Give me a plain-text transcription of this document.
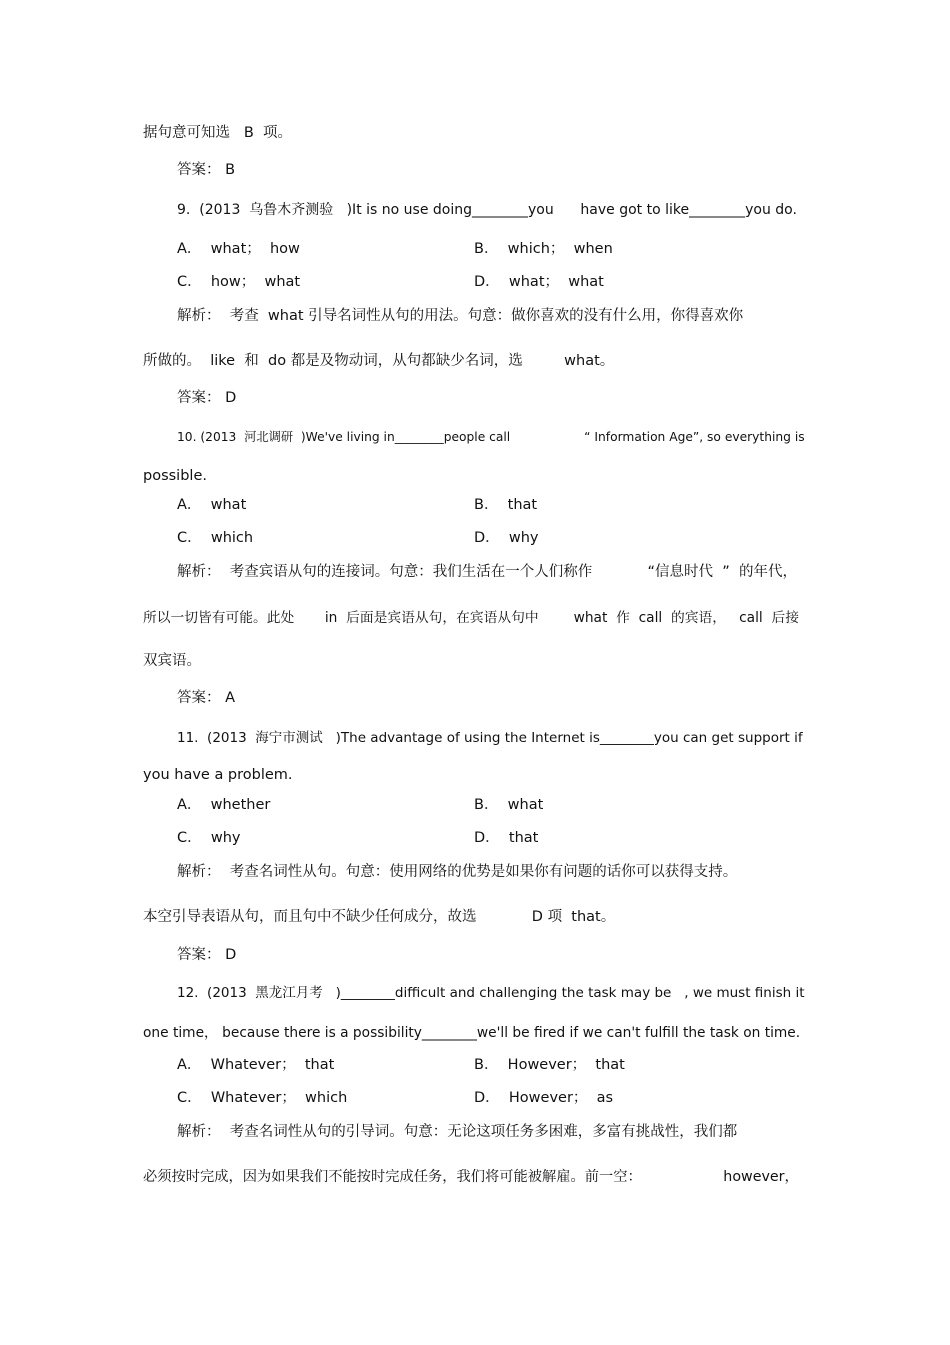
据句意可知选   B  项。
答案： B
9.  (2013  乌鲁木齐测验   )It is no use doing________you      have got to like________you do.
A．  what；  how	B．  which；  when
C．  how；  what	D．  what；  what
解析：  考查  what 引导名词性从句的用法。句意：做你喜欢的没有什么用，你得喜欢你
所做的。  like  和  do 都是及物动词，从句都缺少名词，选         what。
答案： D
10. (2013  河北调研  )We've living in________people call                   “ Information Age”, so everything is
possible.
A．  what	B．  that
C．  which	D．  why
解析：  考查宾语从句的连接词。句意：我们生活在一个人们称作            “信息时代  ”  的年代，
所以一切皆有可能。此处       in  后面是宾语从句，在宾语从句中        what  作  call  的宾语，   call  后接
双宾语。
答案： A
11.  (2013  海宁市测试   )The advantage of using the Internet is________you can get support if
you have a problem.
A．  whether	B．  what
C．  why	D．  that
解析：  考查名词性从句。句意：使用网络的优势是如果你有问题的话你可以获得支持。
本空引导表语从句，而且句中不缺少任何成分，故选            D 项  that。
答案： D
12.  (2013  黑龙江月考   )________difficult and challenging the task may be   , we must finish it
one time， because there is a possibility________we'll be fired if we can't fulfill the task on time.
A．  Whatever；  that	B．  However；  that
C．  Whatever；  which	D．  However；  as
解析：  考查名词性从句的引导词。句意：无论这项任务多困难，多富有挑战性，我们都
必须按时完成，因为如果我们不能按时完成任务，我们将可能被解雇。前一空：                  however，
